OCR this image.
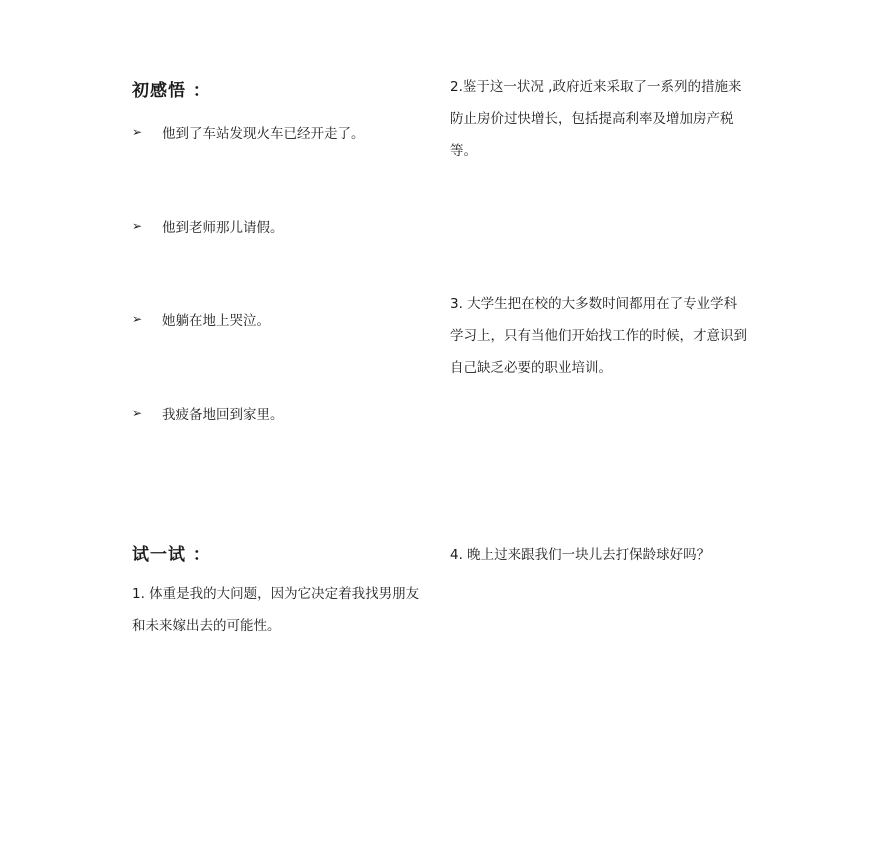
初感悟 ：
➢	他到了车站发现火车已经开走了。
➢	他到老师那儿请假。
➢	她躺在地上哭泣。
➢	我疲备地回到家里。
试一试 ：

1. 体重是我的大问题，因为它决定着我找男朋友和未来嫁出去的可能性。

2.鉴于这一状况 ,政府近来采取了一系列的措施来防止房价过快增长，包括提高利率及增加房产税等。

3. 大学生把在校的大多数时间都用在了专业学科学习上，只有当他们开始找工作的时候，才意识到自己缺乏必要的职业培训。

4. 晚上过来跟我们一块儿去打保龄球好吗？
